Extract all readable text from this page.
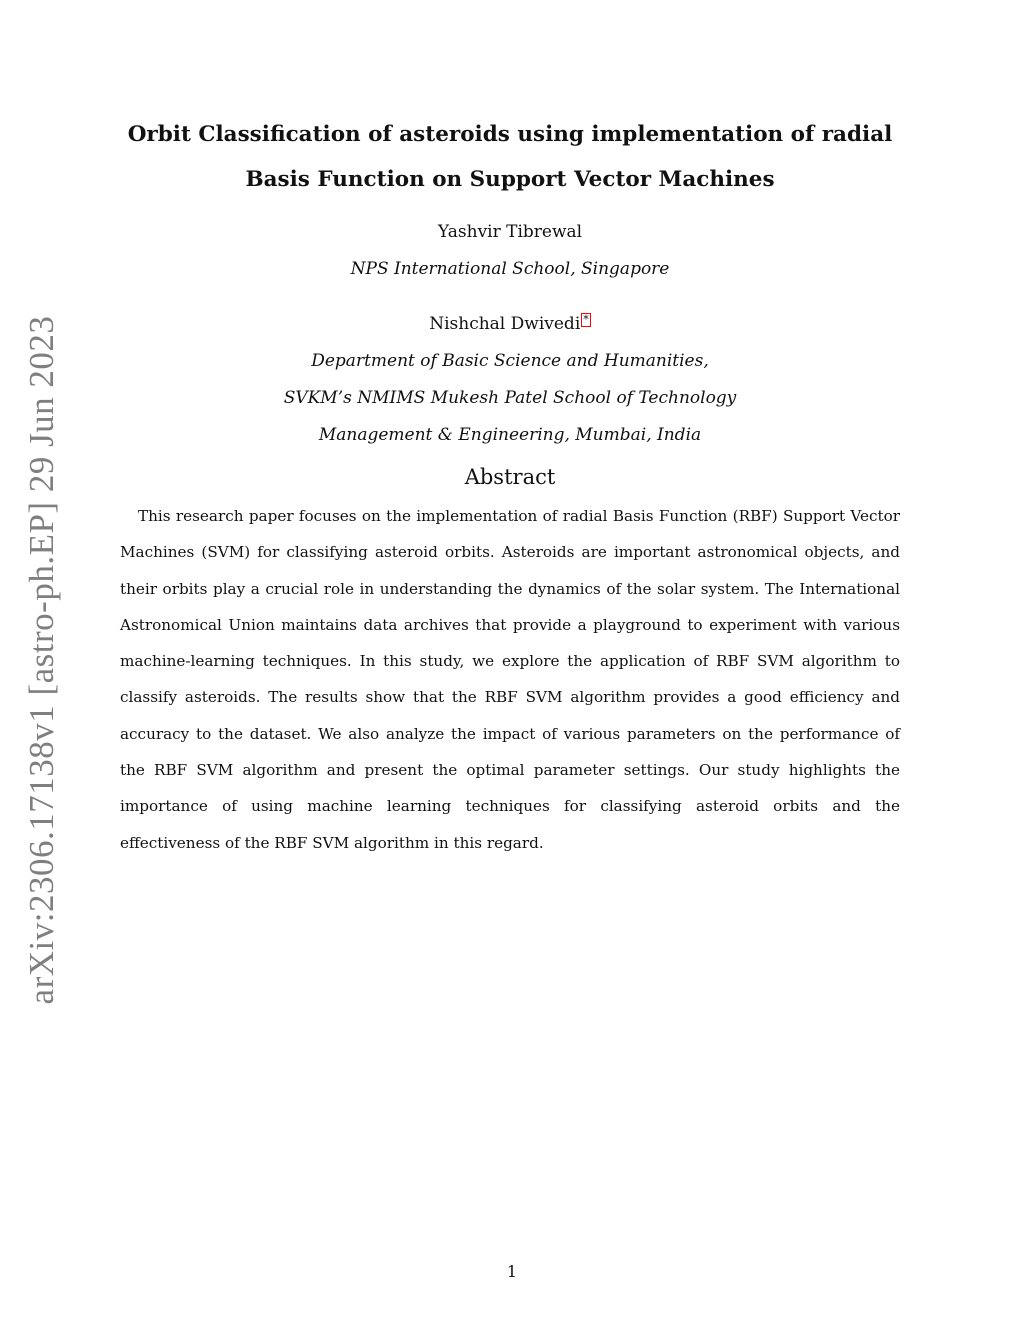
arXiv:2306.17138v1 [astro-ph.EP] 29 Jun 2023
Orbit Classification of asteroids using implementation of radial
Basis Function on Support Vector Machines
Yashvir Tibrewal
NPS International School, Singapore
Nishchal Dwivedi *
Department of Basic Science and Humanities,
SVKM’s NMIMS Mukesh Patel School of Technology
Management & Engineering, Mumbai, India
Abstract

This research paper focuses on the implementation of radial Basis Function (RBF) Support Vector Machines (SVM) for classifying asteroid orbits. Asteroids are important astronomical objects, and their orbits play a crucial role in understanding the dynamics of the solar system. The International Astronomical Union maintains data archives that provide a playground to experiment with various machine-learning techniques. In this study, we explore the application of RBF SVM algorithm to classify asteroids. The results show that the RBF SVM algorithm provides a good efficiency and accuracy to the dataset. We also analyze the impact of various parameters on the performance of the RBF SVM algorithm and present the optimal parameter settings. Our study highlights the importance of using machine learning techniques for classifying asteroid orbits and the effectiveness of the RBF SVM algorithm in this regard.

1
